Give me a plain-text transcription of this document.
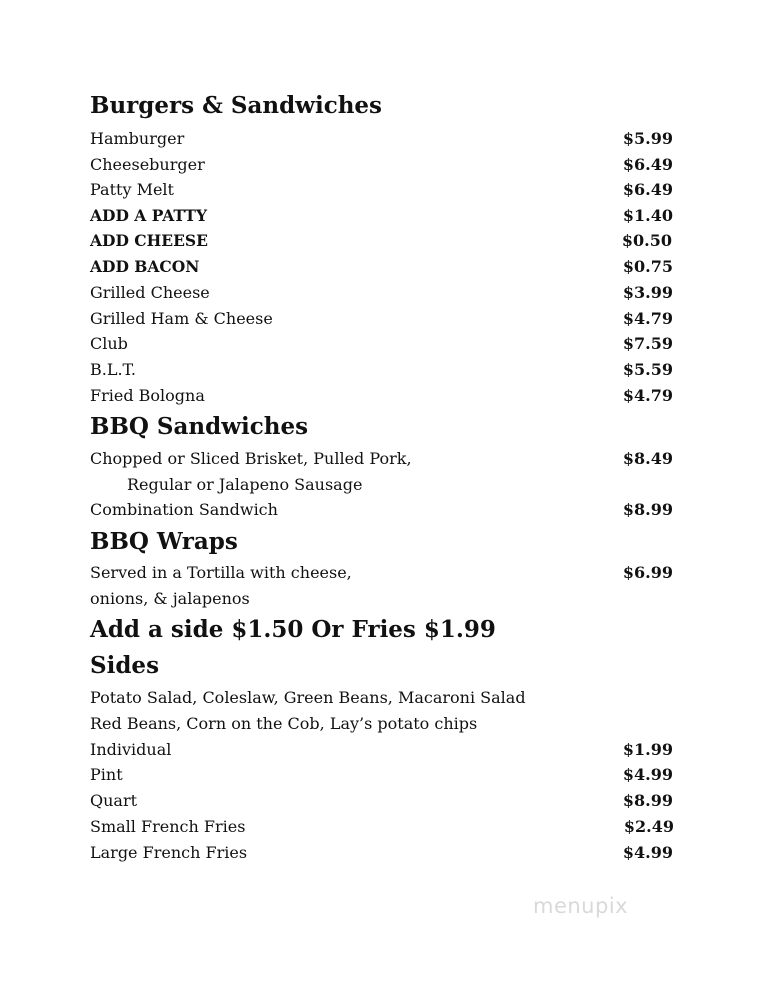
Burgers & Sandwiches
Hamburger	$5.99
Cheeseburger	$6.49
Patty Melt	$6.49
ADD A PATTY	$1.40
ADD CHEESE	$0.50
ADD BACON	$0.75
Grilled Cheese	$3.99
Grilled Ham & Cheese	$4.79
Club	$7.59
B.L.T.	$5.59
Fried Bologna	$4.79
BBQ Sandwiches
Chopped or Sliced Brisket, Pulled Pork,	$8.49
Regular or Jalapeno Sausage
Combination Sandwich	$8.99
BBQ Wraps
Served in a Tortilla with cheese,	$6.99
onions, & jalapenos
Add a side $1.50 Or Fries $1.99
Sides
Potato Salad, Coleslaw, Green Beans, Macaroni Salad
Red Beans, Corn on the Cob, Lay’s potato chips
Individual	$1.99
Pint	$4.99
Quart	$8.99
Small French Fries	$2.49
Large French Fries	$4.99
menupix
